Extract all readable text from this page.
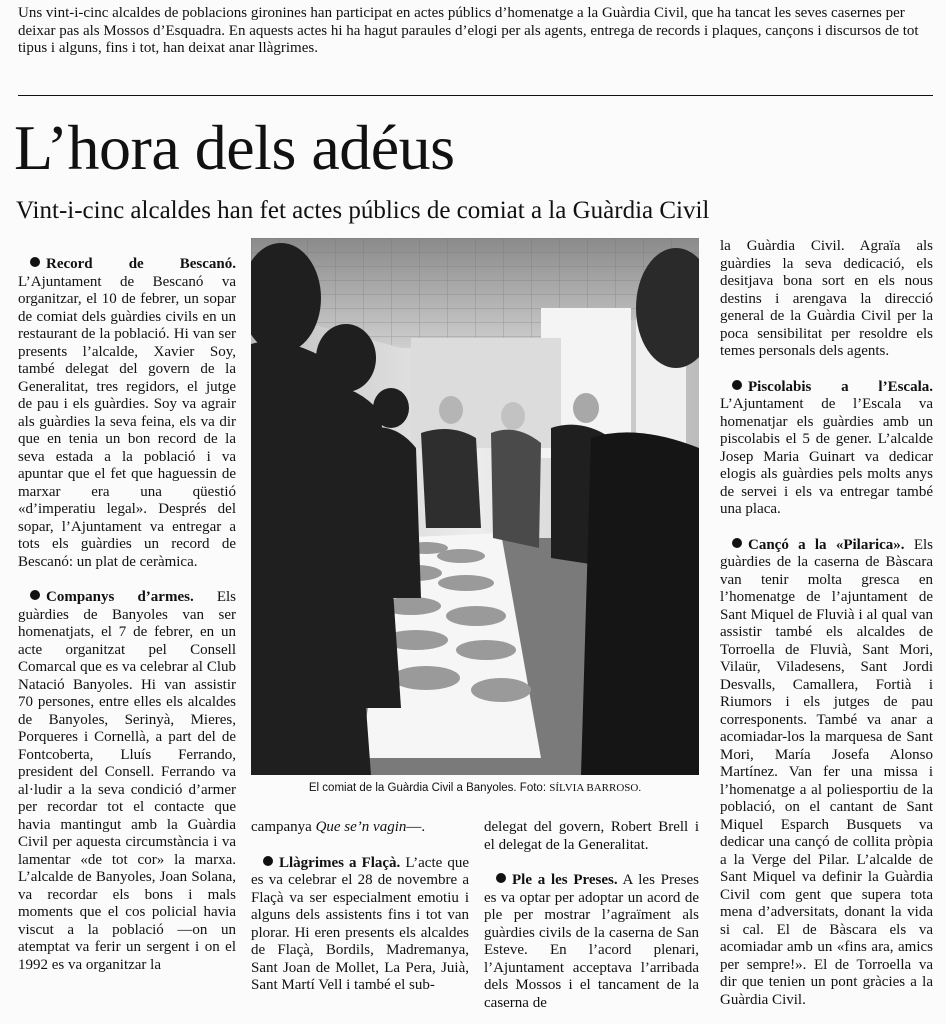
Uns vint-i-cinc alcaldes de poblacions gironines han participat en actes públics d’homenatge a la Guàrdia Civil, que ha tancat les seves casernes per deixar pas als Mossos d’Esquadra. En aquests actes hi ha hagut paraules d’elogi per als agents, entrega de records i plaques, cançons i discursos de tot tipus i alguns, fins i tot, han deixat anar llàgrimes.
L’hora dels adéus
Vint-i-cinc alcaldes han fet actes públics de comiat a la Guàrdia Civil

Record de Bescanó. L’Ajuntament de Bescanó va organitzar, el 10 de febrer, un sopar de comiat dels guàrdies civils en un restaurant de la població. Hi van ser presents l’alcalde, Xavier Soy, també delegat del govern de la Generalitat, tres regidors, el jutge de pau i els guàrdies. Soy va agrair als guàrdies la seva feina, els va dir que en tenia un bon record de la seva estada a la població i va apuntar que el fet que haguessin de marxar era una qüestió «d’imperatiu legal». Després del sopar, l’Ajuntament va entregar a tots els guàrdies un record de Bescanó: un plat de ceràmica.

Companys d’armes. Els guàrdies de Banyoles van ser homenatjats, el 7 de febrer, en un acte organitzat pel Consell Comarcal que es va celebrar al Club Natació Banyoles. Hi van assistir 70 persones, entre elles els alcaldes de Banyoles, Serinyà, Mieres, Porqueres i Cornellà, a part del de Fontcoberta, Lluís Ferrando, president del Consell. Ferrando va al·ludir a la seva condició d’armer per recordar tot el contacte que havia mantingut amb la Guàrdia Civil per aquesta circumstància i va lamentar «de tot cor» la marxa. L’alcalde de Banyoles, Joan Solana, va recordar els bons i mals moments que el cos policial havia viscut a la població —on un atemptat va ferir un sergent i on el 1992 es va organitzar la

El comiat de la Guàrdia Civil a Banyoles. Foto: SÍLVIA BARROSO.

campanya Que se’n vagin—.

Llàgrimes a Flaçà. L’acte que es va celebrar el 28 de novembre a Flaçà va ser especialment emotiu i alguns dels assistents fins i tot van plorar. Hi eren presents els alcaldes de Flaçà, Bordils, Madremanya, Sant Joan de Mollet, La Pera, Juià, Sant Martí Vell i també el sub-

delegat del govern, Robert Brell i el delegat de la Generalitat.

Ple a les Preses. A les Preses es va optar per adoptar un acord de ple per mostrar l’agraïment als guàrdies civils de la caserna de San Esteve. En l’acord plenari, l’Ajuntament acceptava l’arribada dels Mossos i el tancament de la caserna de

la Guàrdia Civil. Agraïa als guàrdies la seva dedicació, els desitjava bona sort en els nous destins i arengava la direcció general de la Guàrdia Civil per la poca sensibilitat per resoldre els temes personals dels agents.

Piscolabis a l’Escala. L’Ajuntament de l’Escala va homenatjar els guàrdies amb un piscolabis el 5 de gener. L’alcalde Josep Maria Guinart va dedicar elogis als guàrdies pels molts anys de servei i els va entregar també una placa.

Cançó a la «Pilarica». Els guàrdies de la caserna de Bàscara van tenir molta gresca en l’homenatge de l’ajuntament de Sant Miquel de Fluvià i al qual van assistir també els alcaldes de Torroella de Fluvià, Sant Mori, Vilaür, Viladesens, Sant Jordi Desvalls, Camallera, Fortià i Riumors i els jutges de pau corresponents. També va anar a acomiadar-los la marquesa de Sant Mori, María Josefa Alonso Martínez. Van fer una missa i l’homenatge a al poliesportiu de la població, on el cantant de Sant Miquel Esparch Busquets va dedicar una cançó de collita pròpia a la Verge del Pilar. L’alcalde de Sant Miquel va definir la Guàrdia Civil com gent que supera tota mena d’adversitats, donant la vida si cal. El de Bàscara els va acomiadar amb un «fins ara, amics per sempre!». El de Torroella va dir que tenien un pont gràcies a la Guàrdia Civil.
